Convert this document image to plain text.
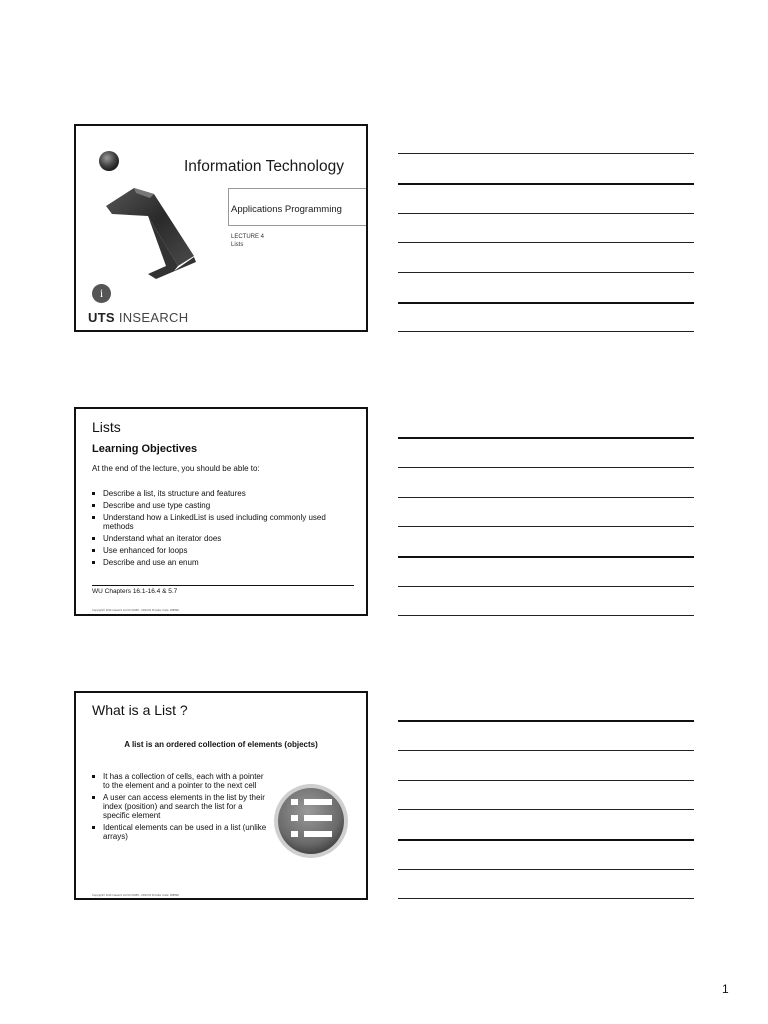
i
Information Technology
Applications Programming
LECTURE 4
Lists
UTS INSEARCH
Lists
Learning Objectives
At the end of the lecture, you should be able to:
Describe a list, its structure and features
Describe and use type casting
Understand how a LinkedList is used including commonly used methods
Understand what an iterator does
Use enhanced for loops
Describe and use an enum
WU Chapters 16.1-16.4 & 5.7
Copyright© 2016 Insearch Ltd UK 00465 - CRICOS Provider Code: 00859D
What is a List ?
A list is an ordered collection of elements (objects)
It has a collection of cells, each with a pointer to the element and a pointer to the next cell
A user can access elements in the list by their index (position) and search the list for a specific element
Identical elements can be used in a list (unlike arrays)
Copyright© 2016 Insearch Ltd UK 00465 - CRICOS Provider Code: 00859D
1
